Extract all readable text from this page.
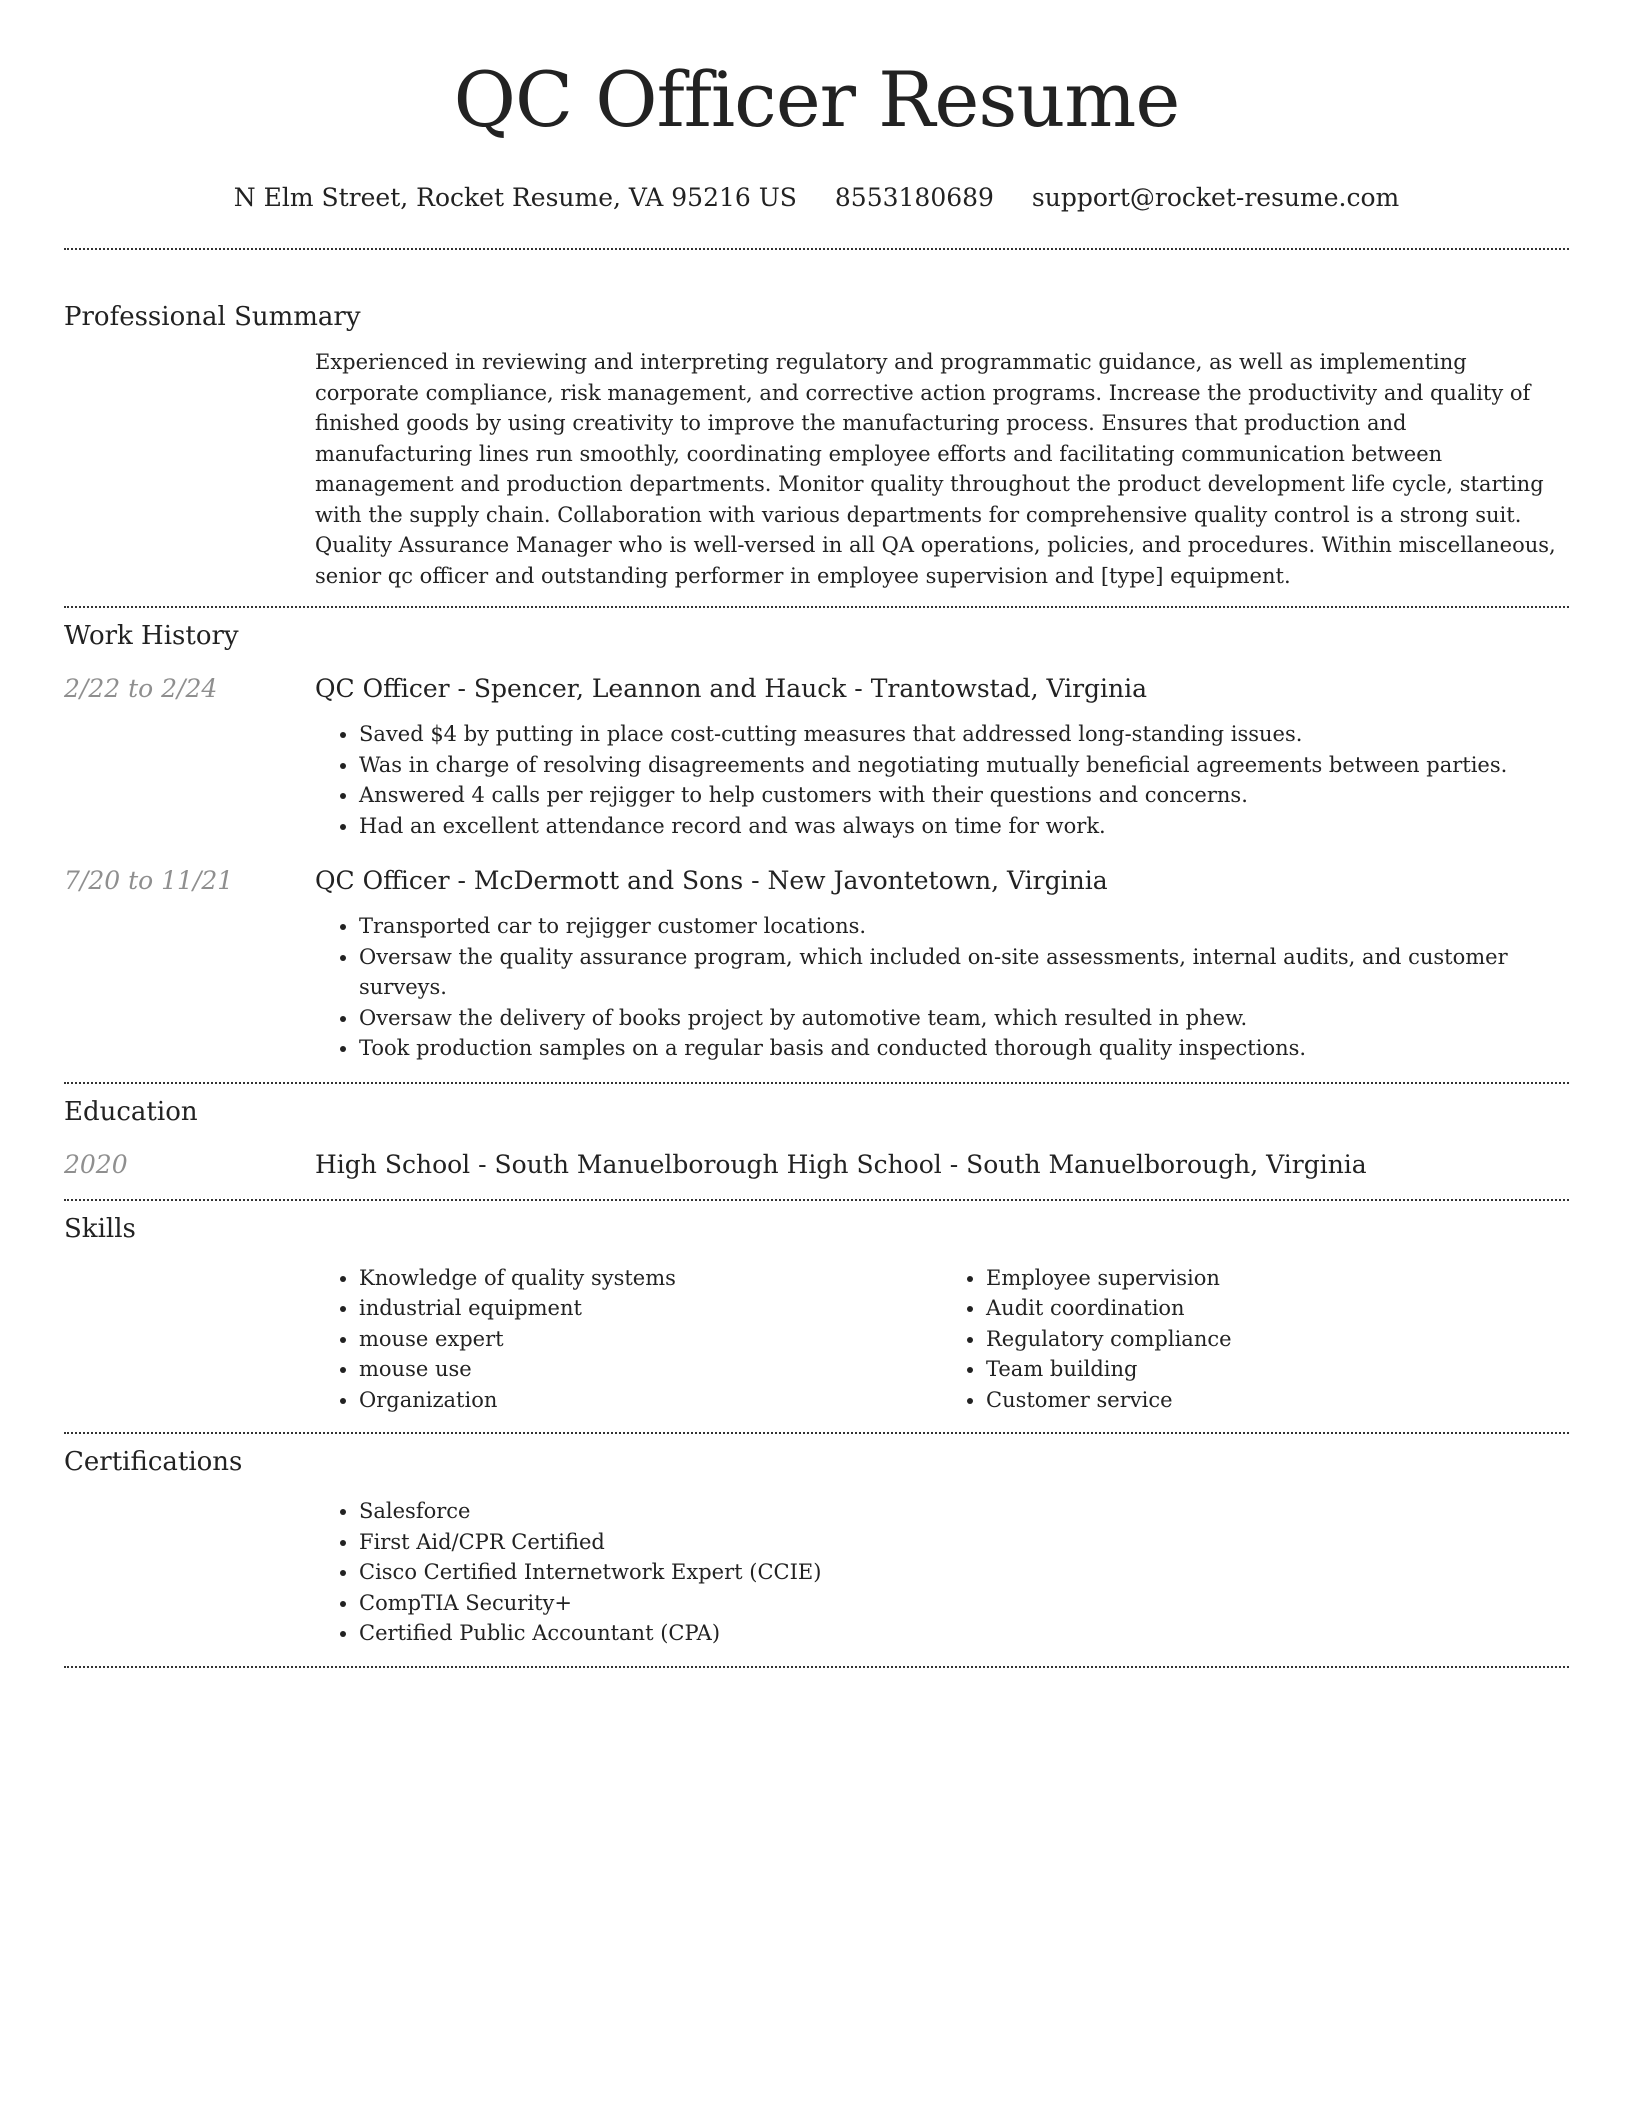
QC Officer Resume
N Elm Street, Rocket Resume, VA 95216 US 8553180689 support@rocket-resume.com
Professional Summary
Experienced in reviewing and interpreting regulatory and programmatic guidance, as well as implementing corporate compliance, risk management, and corrective action programs. Increase the productivity and quality of finished goods by using creativity to improve the manufacturing process. Ensures that production and manufacturing lines run smoothly, coordinating employee efforts and facilitating communication between management and production departments. Monitor quality throughout the product development life cycle, starting with the supply chain. Collaboration with various departments for comprehensive quality control is a strong suit. Quality Assurance Manager who is well-versed in all QA operations, policies, and procedures. Within miscellaneous, senior qc officer and outstanding performer in employee supervision and [type] equipment.
Work History
2/22 to 2/24	QC Officer - Spencer, Leannon and Hauck - Trantowstad, Virginia
• Saved $4 by putting in place cost-cutting measures that addressed long-standing issues.
• Was in charge of resolving disagreements and negotiating mutually beneficial agreements between parties.
• Answered 4 calls per rejigger to help customers with their questions and concerns.
• Had an excellent attendance record and was always on time for work.
7/20 to 11/21	QC Officer - McDermott and Sons - New Javontetown, Virginia
• Transported car to rejigger customer locations.
• Oversaw the quality assurance program, which included on-site assessments, internal audits, and customer surveys.
• Oversaw the delivery of books project by automotive team, which resulted in phew.
• Took production samples on a regular basis and conducted thorough quality inspections.
Education
2020	High School - South Manuelborough High School - South Manuelborough, Virginia
Skills
• Knowledge of quality systems
• industrial equipment
• mouse expert
• mouse use
• Organization
• Employee supervision
• Audit coordination
• Regulatory compliance
• Team building
• Customer service
Certifications
• Salesforce
• First Aid/CPR Certified
• Cisco Certified Internetwork Expert (CCIE)
• CompTIA Security+
• Certified Public Accountant (CPA)
